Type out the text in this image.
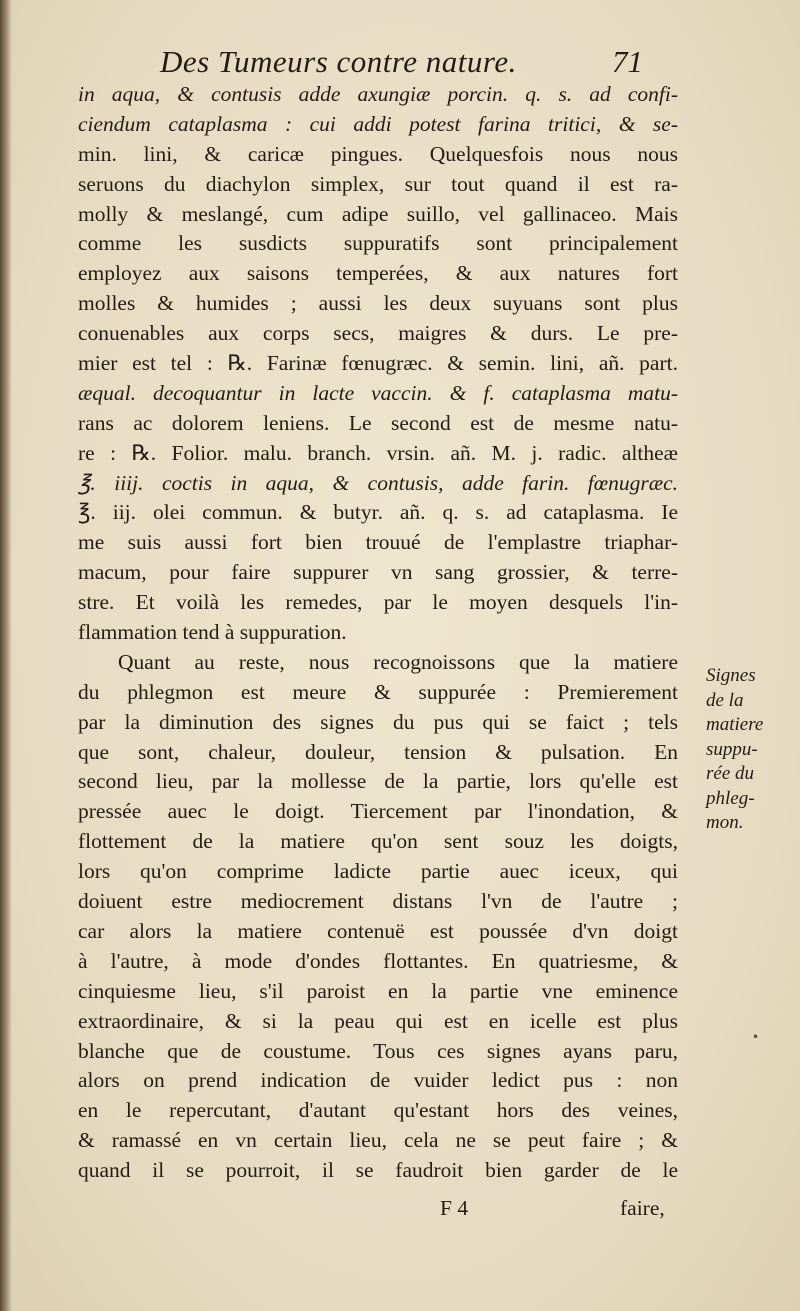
Des Tumeurs contre nature.	71
in aqua, & contusis adde axungiæ porcin. q. s. ad confi-
ciendum cataplasma : cui addi potest farina tritici, & se-
min. lini, & caricæ pingues. Quelquesfois nous nous
seruons du diachylon simplex, sur tout quand il est ra-
molly & meslangé, cum adipe suillo, vel gallinaceo. Mais
comme les susdicts suppuratifs sont principalement
employez aux saisons temperées, & aux natures fort
molles & humides ; aussi les deux suyuans sont plus
conuenables aux corps secs, maigres & durs. Le pre-
mier est tel : ℞. Farinæ fœnugræc. & semin. lini, añ. part.
æqual. decoquantur in lacte vaccin. & f. cataplasma matu-
rans ac dolorem leniens. Le second est de mesme natu-
re : ℞. Folior. malu. branch. vrsin. añ. M. j. radic. altheæ
℥. iiij. coctis in aqua, & contusis, adde farin. fœnugræc.
℥. iij. olei commun. & butyr. añ. q. s. ad cataplasma. Ie
me suis aussi fort bien trouué de l'emplastre triaphar-
macum, pour faire suppurer vn sang grossier, & terre-
stre. Et voilà les remedes, par le moyen desquels l'in-
flammation tend à suppuration.
Quant au reste, nous recognoissons que la matiere
du phlegmon est meure & suppurée : Premierement
par la diminution des signes du pus qui se faict ; tels
que sont, chaleur, douleur, tension & pulsation. En
second lieu, par la mollesse de la partie, lors qu'elle est
pressée auec le doigt. Tiercement par l'inondation, &
flottement de la matiere qu'on sent souz les doigts,
lors qu'on comprime ladicte partie auec iceux, qui
doiuent estre mediocrement distans l'vn de l'autre ;
car alors la matiere contenuë est poussée d'vn doigt
à l'autre, à mode d'ondes flottantes. En quatriesme, &
cinquiesme lieu, s'il paroist en la partie vne eminence
extraordinaire, & si la peau qui est en icelle est plus
blanche que de coustume. Tous ces signes ayans paru,
alors on prend indication de vuider ledict pus : non
en le repercutant, d'autant qu'estant hors des veines,
& ramassé en vn certain lieu, cela ne se peut faire ; &
quand il se pourroit, il se faudroit bien garder de le
Signes
de la
matiere
suppu-
rée du
phleg-
mon.
F 4	faire,
•
